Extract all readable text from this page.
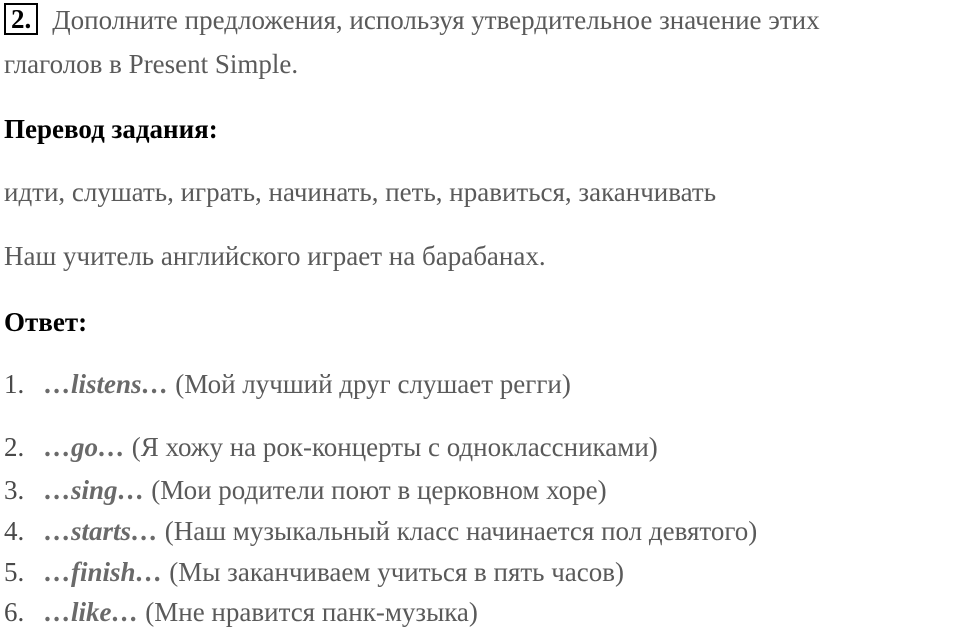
2. Дополните предложения, используя утвердительное значение этих

глаголов в Present Simple.

Перевод задания:

идти, слушать, играть, начинать, петь, нравиться, заканчивать

Наш учитель английского играет на барабанах.

Ответ:

1. …listens… (Мой лучший друг слушает регги)

2. …go… (Я хожу на рок-концерты с одноклассниками)

3. …sing… (Мои родители поют в церковном хоре)

4. …starts… (Наш музыкальный класс начинается пол девятого)

5. …finish… (Мы заканчиваем учиться в пять часов)

6. …like… (Мне нравится панк-музыка)
